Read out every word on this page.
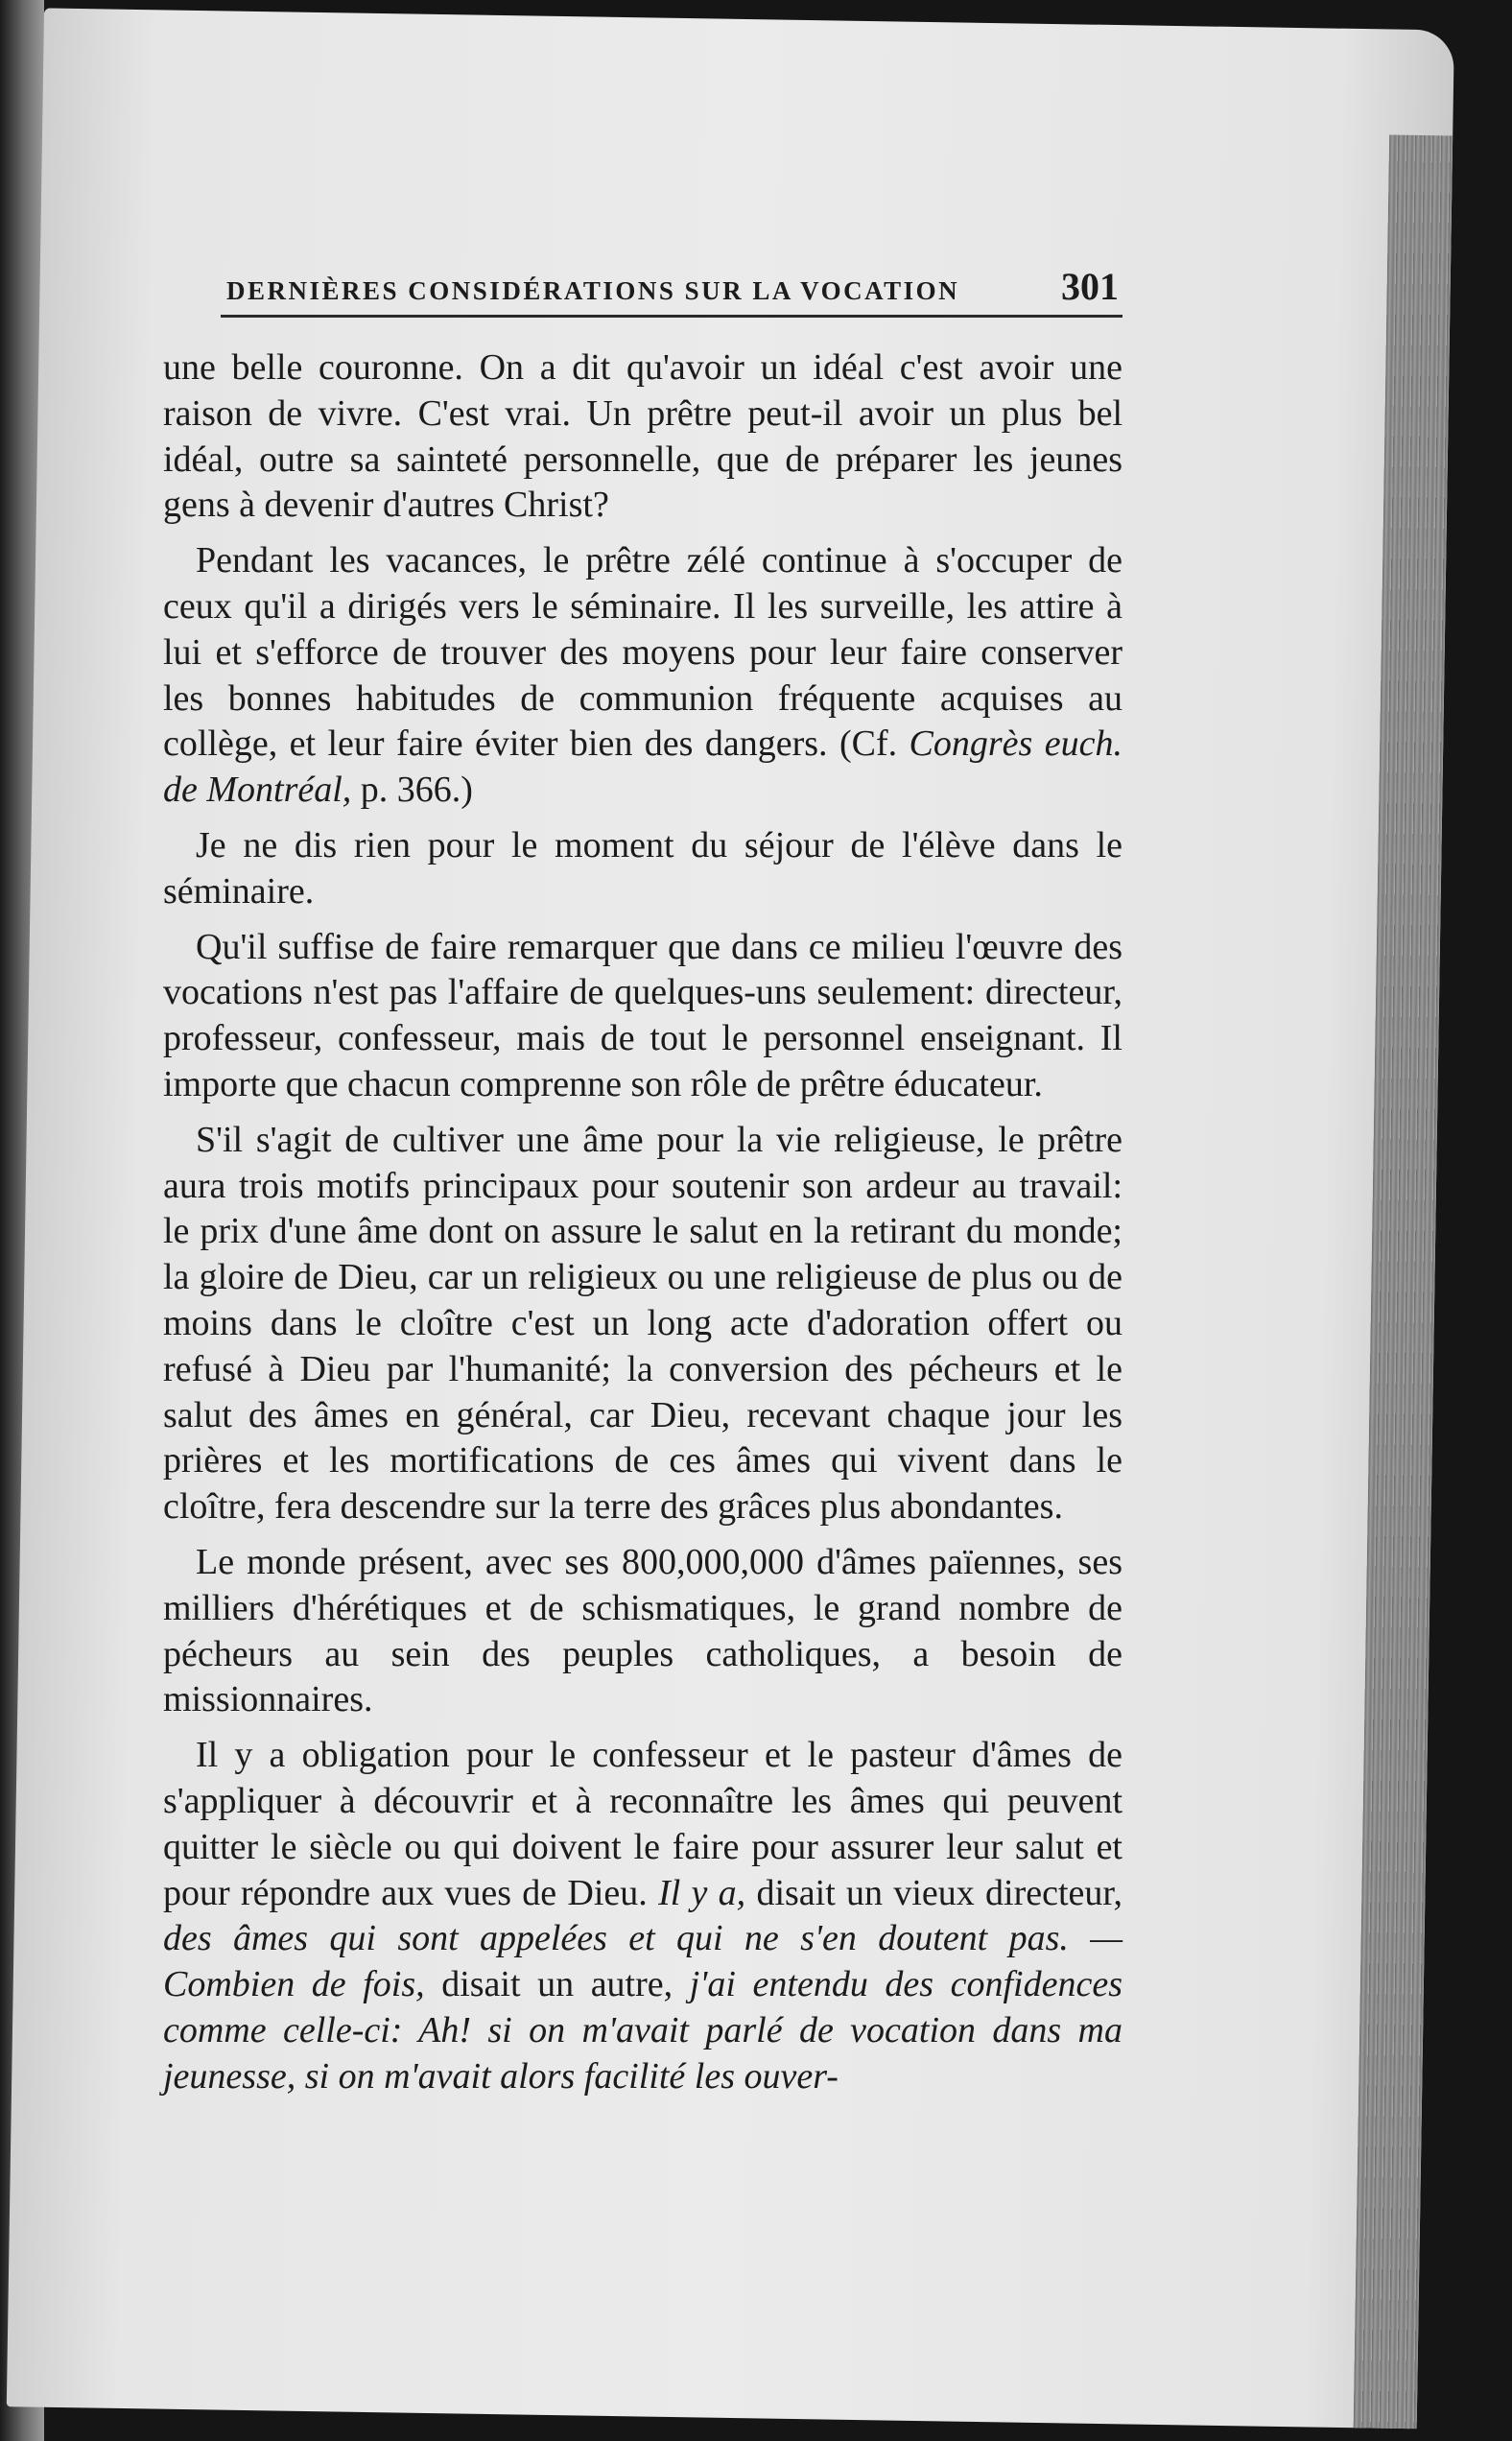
DERNIÈRES CONSIDÉRATIONS SUR LA VOCATION	301

une belle couronne. On a dit qu'avoir un idéal c'est avoir une raison de vivre. C'est vrai. Un prêtre peut-il avoir un plus bel idéal, outre sa sainteté personnelle, que de préparer les jeunes gens à devenir d'autres Christ?

Pendant les vacances, le prêtre zélé continue à s'occuper de ceux qu'il a dirigés vers le séminaire. Il les surveille, les attire à lui et s'efforce de trouver des moyens pour leur faire conserver les bonnes habitudes de communion fréquente acquises au collège, et leur faire éviter bien des dangers. (Cf. Congrès euch. de Montréal, p. 366.)

Je ne dis rien pour le moment du séjour de l'élève dans le séminaire.

Qu'il suffise de faire remarquer que dans ce milieu l'œuvre des vocations n'est pas l'affaire de quelques-uns seulement: directeur, professeur, confesseur, mais de tout le personnel enseignant. Il importe que chacun comprenne son rôle de prêtre éducateur.

S'il s'agit de cultiver une âme pour la vie religieuse, le prêtre aura trois motifs principaux pour soutenir son ardeur au travail: le prix d'une âme dont on assure le salut en la retirant du monde; la gloire de Dieu, car un religieux ou une religieuse de plus ou de moins dans le cloître c'est un long acte d'adoration offert ou refusé à Dieu par l'humanité; la conversion des pécheurs et le salut des âmes en général, car Dieu, recevant chaque jour les prières et les mortifications de ces âmes qui vivent dans le cloître, fera descendre sur la terre des grâces plus abondantes.

Le monde présent, avec ses 800,000,000 d'âmes païennes, ses milliers d'hérétiques et de schismatiques, le grand nombre de pécheurs au sein des peuples catholiques, a besoin de missionnaires.

Il y a obligation pour le confesseur et le pasteur d'âmes de s'appliquer à découvrir et à reconnaître les âmes qui peuvent quitter le siècle ou qui doivent le faire pour assurer leur salut et pour répondre aux vues de Dieu. Il y a, disait un vieux directeur, des âmes qui sont appelées et qui ne s'en doutent pas. — Combien de fois, disait un autre, j'ai entendu des confidences comme celle-ci: Ah! si on m'avait parlé de vocation dans ma jeunesse, si on m'avait alors facilité les ouver-
